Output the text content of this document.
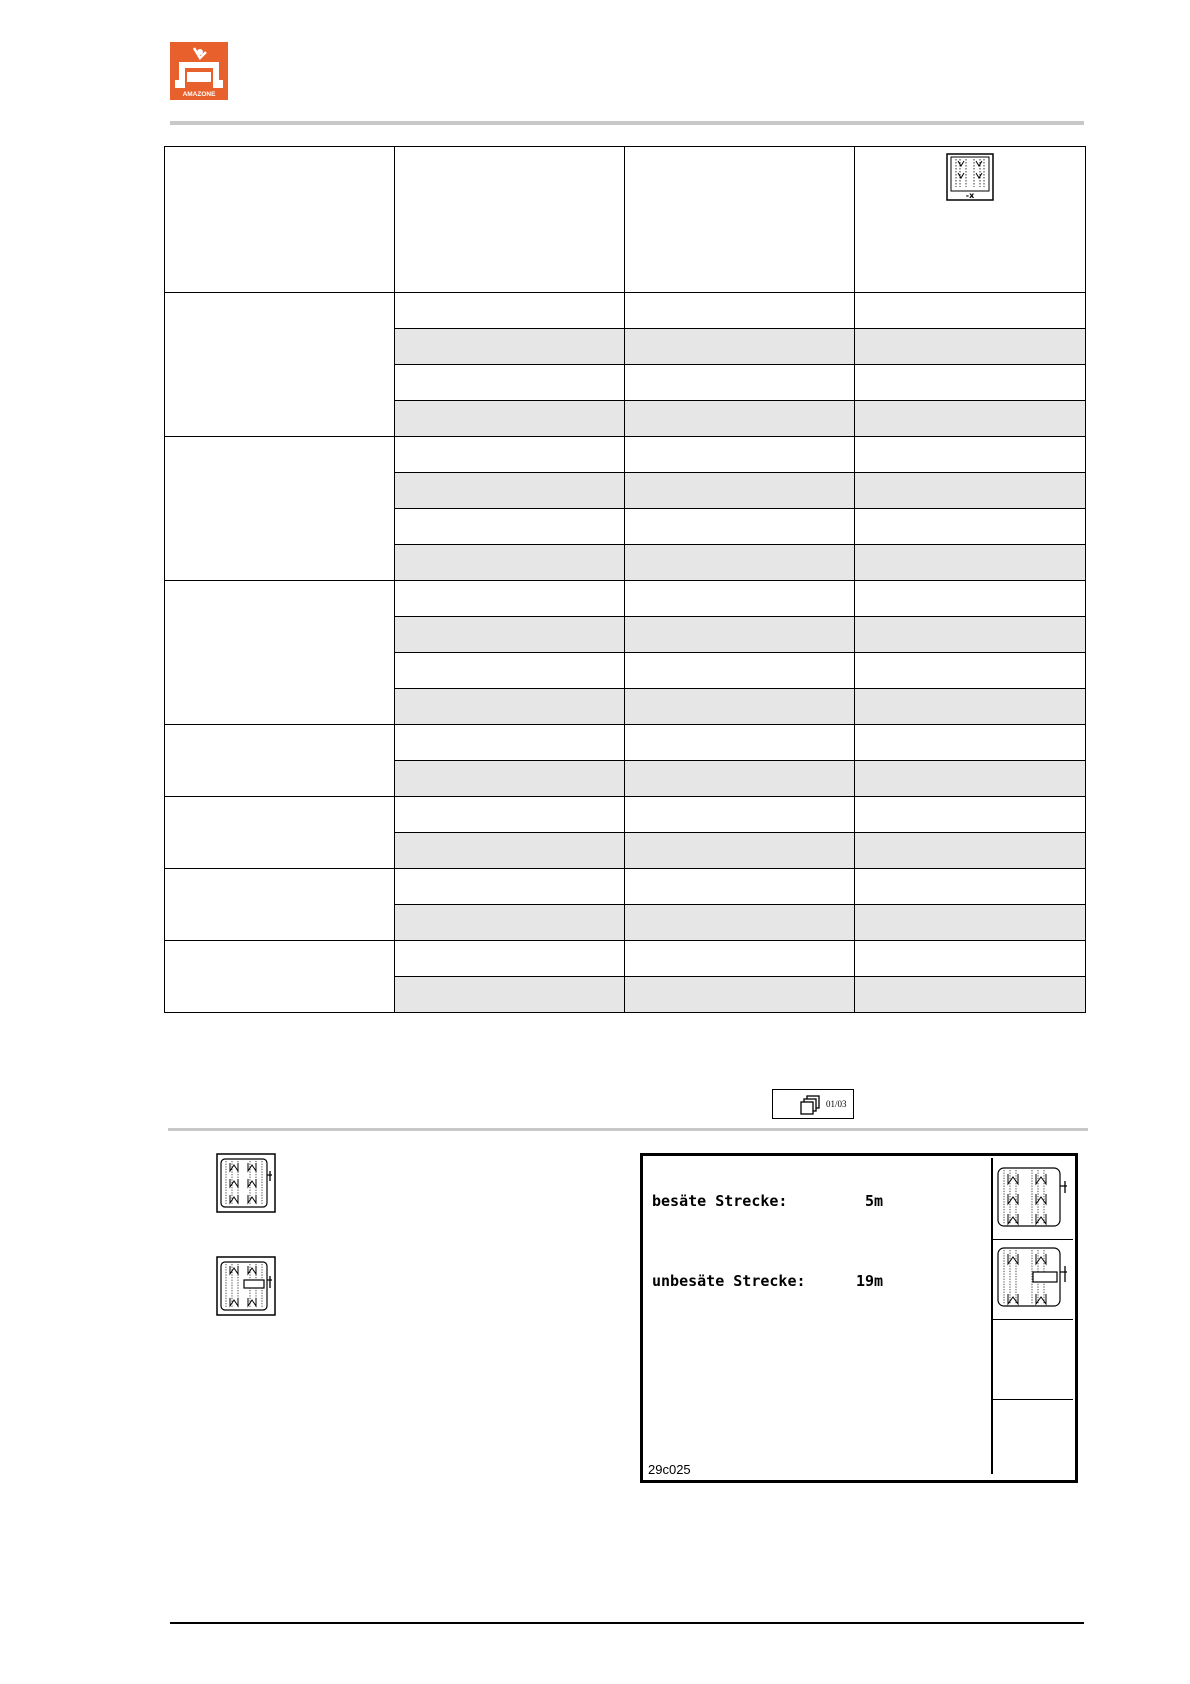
AMAZONE

-x

01/03
besäte Strecke:	5m
unbesäte Strecke:	19m
29c025
